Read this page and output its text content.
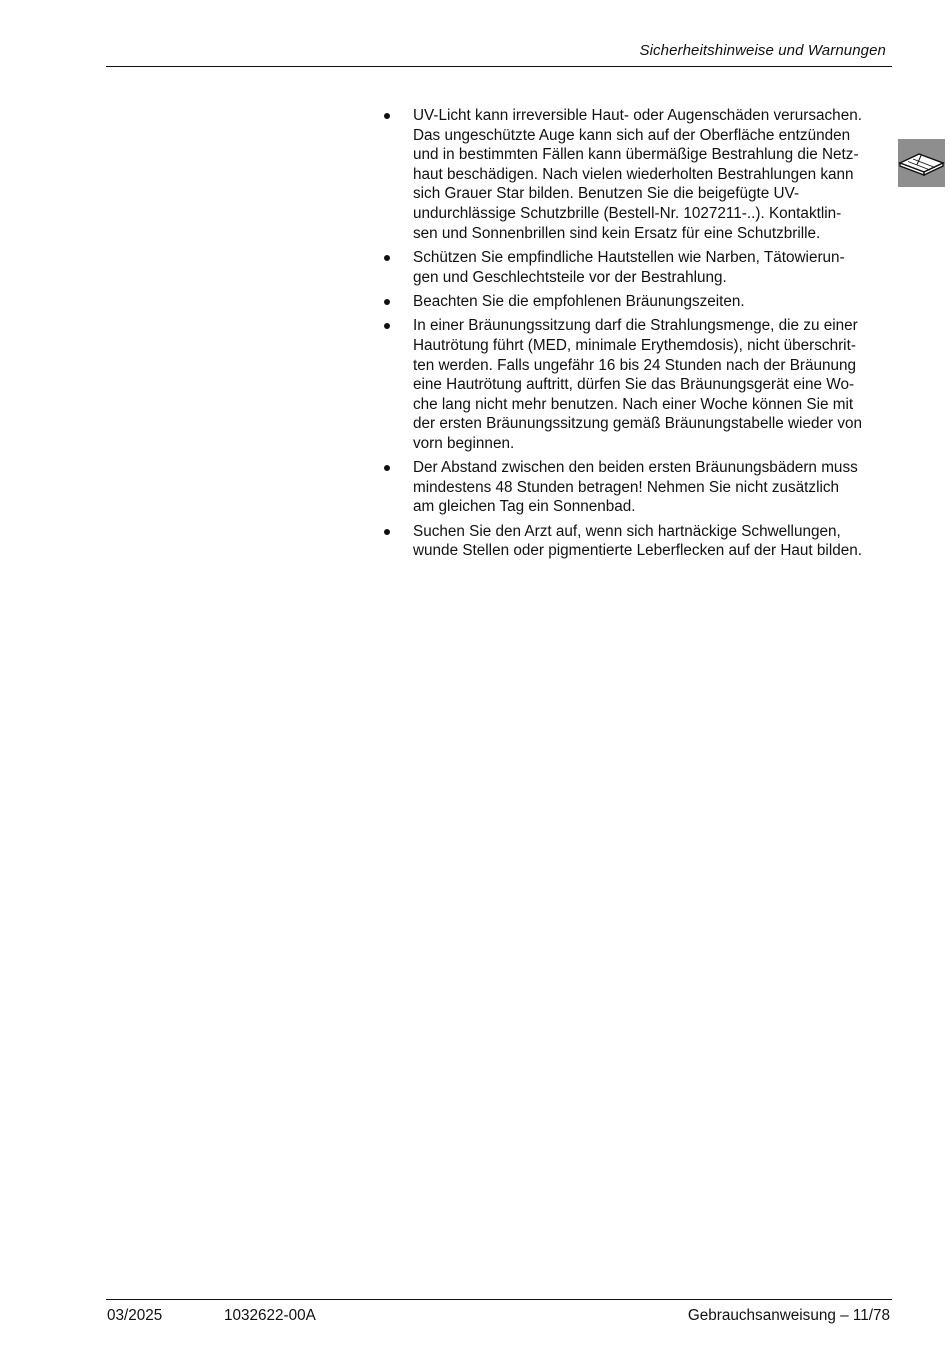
Sicherheitshinweise und Warnungen
UV-Licht kann irreversible Haut- oder Augenschäden verursachen.
Das ungeschützte Auge kann sich auf der Oberfläche entzünden
und in bestimmten Fällen kann übermäßige Bestrahlung die Netz-
haut beschädigen. Nach vielen wiederholten Bestrahlungen kann
sich Grauer Star bilden. Benutzen Sie die beigefügte UV-
undurchlässige Schutzbrille (Bestell-Nr. 1027211-..). Kontaktlin-
sen und Sonnenbrillen sind kein Ersatz für eine Schutzbrille.
Schützen Sie empfindliche Hautstellen wie Narben, Tätowierun-
gen und Geschlechtsteile vor der Bestrahlung.
Beachten Sie die empfohlenen Bräunungszeiten.
In einer Bräunungssitzung darf die Strahlungsmenge, die zu einer
Hautrötung führt (MED, minimale Erythemdosis), nicht überschrit-
ten werden. Falls ungefähr 16 bis 24 Stunden nach der Bräunung
eine Hautrötung auftritt, dürfen Sie das Bräunungsgerät eine Wo-
che lang nicht mehr benutzen. Nach einer Woche können Sie mit
der ersten Bräunungssitzung gemäß Bräunungstabelle wieder von
vorn beginnen.
Der Abstand zwischen den beiden ersten Bräunungsbädern muss
mindestens 48 Stunden betragen! Nehmen Sie nicht zusätzlich
am gleichen Tag ein Sonnenbad.
Suchen Sie den Arzt auf, wenn sich hartnäckige Schwellungen,
wunde Stellen oder pigmentierte Leberflecken auf der Haut bilden.
03/2025	1032622-00A	Gebrauchsanweisung – 11/78
